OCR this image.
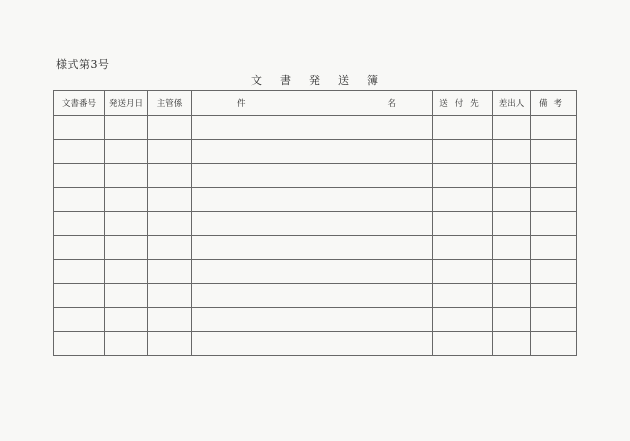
様式第3号
文書発送簿
文書番号	発送月日	主管係	件 名	送付先	差出人	備考
